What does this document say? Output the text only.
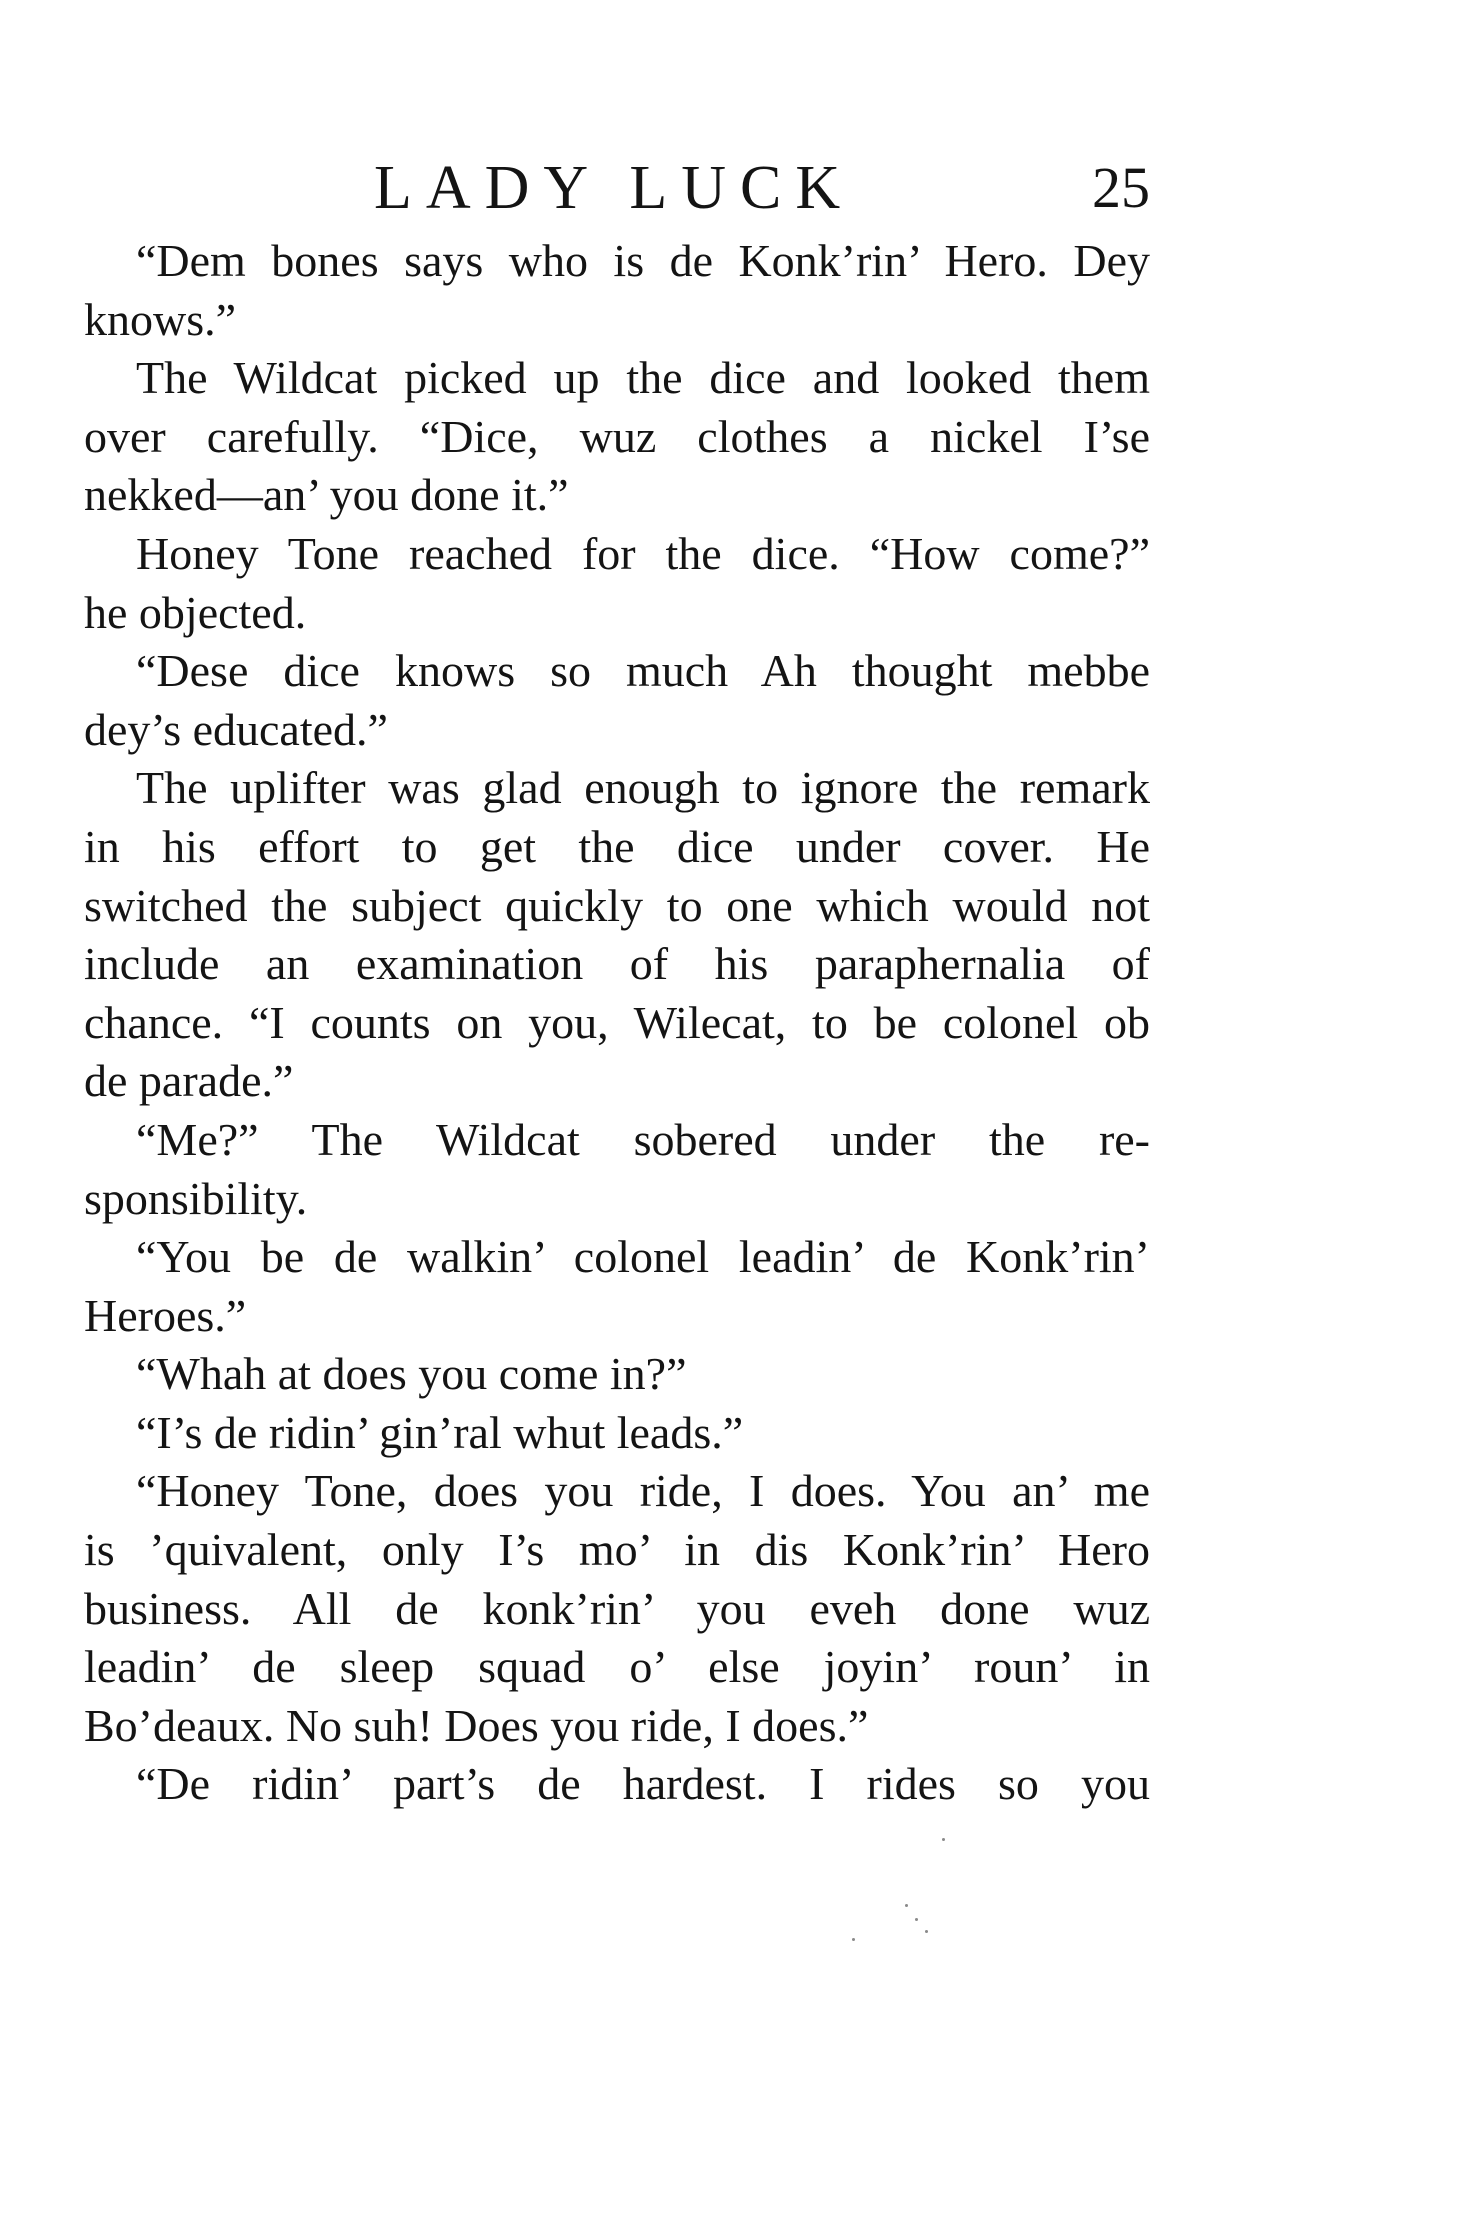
LADY LUCK	25
“Dem bones says who is de Konk’rin’ Hero. Dey
knows.”
The Wildcat picked up the dice and looked them
over carefully. “Dice, wuz clothes a nickel I’se
nekked—an’ you done it.”
Honey Tone reached for the dice. “How come?”
he objected.
“Dese dice knows so much Ah thought mebbe
dey’s educated.”
The uplifter was glad enough to ignore the remark
in his effort to get the dice under cover. He
switched the subject quickly to one which would not
include an examination of his paraphernalia of
chance. “I counts on you, Wilecat, to be colonel ob
de parade.”
“Me?” The Wildcat sobered under the re-
sponsibility.
“You be de walkin’ colonel leadin’ de Konk’rin’
Heroes.”
“Whah at does you come in?”
“I’s de ridin’ gin’ral whut leads.”
“Honey Tone, does you ride, I does. You an’ me
is ’quivalent, only I’s mo’ in dis Konk’rin’ Hero
business. All de konk’rin’ you eveh done wuz
leadin’ de sleep squad o’ else joyin’ roun’ in
Bo’deaux. No suh! Does you ride, I does.”
“De ridin’ part’s de hardest. I rides so you
